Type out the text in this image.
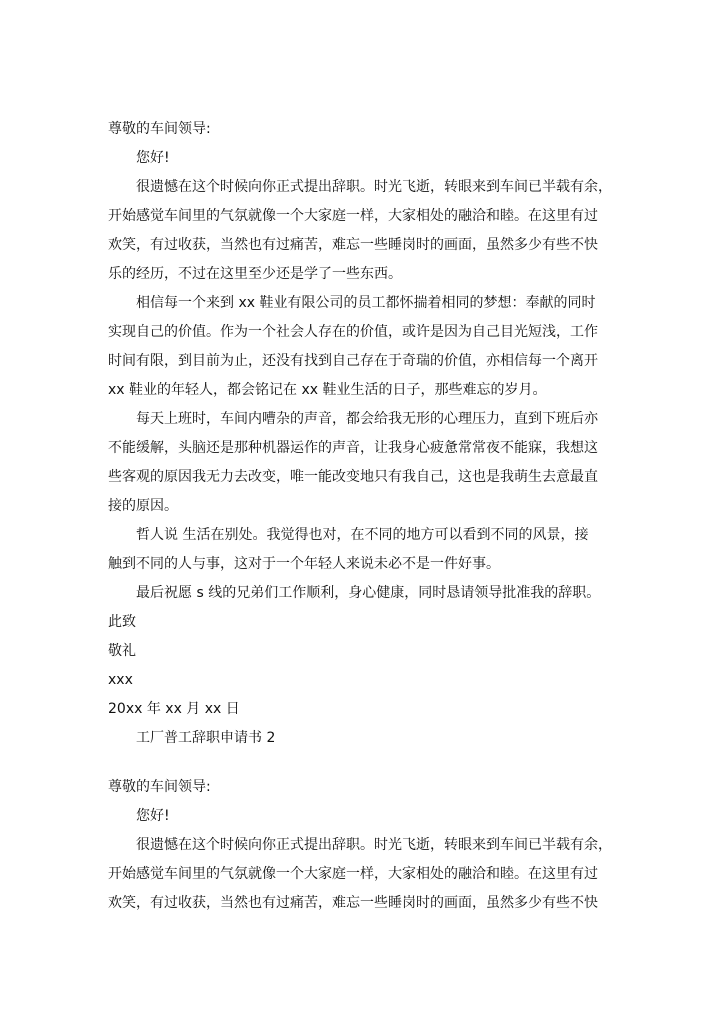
尊敬的车间领导:
您好!
很遗憾在这个时候向你正式提出辞职。时光飞逝，转眼来到车间已半载有余，
开始感觉车间里的气氛就像一个大家庭一样，大家相处的融洽和睦。在这里有过
欢笑，有过收获，当然也有过痛苦，难忘一些睡岗时的画面，虽然多少有些不快
乐的经历，不过在这里至少还是学了一些东西。
相信每一个来到 xx 鞋业有限公司的员工都怀揣着相同的梦想：奉献的同时
实现自己的价值。作为一个社会人存在的价值，或许是因为自己目光短浅，工作
时间有限，到目前为止，还没有找到自己存在于奇瑞的价值，亦相信每一个离开
xx 鞋业的年轻人，都会铭记在 xx 鞋业生活的日子，那些难忘的岁月。
每天上班时，车间内嘈杂的声音，都会给我无形的心理压力，直到下班后亦
不能缓解，头脑还是那种机器运作的声音，让我身心疲惫常常夜不能寐，我想这
些客观的原因我无力去改变，唯一能改变地只有我自己，这也是我萌生去意最直
接的原因。
哲人说 生活在别处。我觉得也对，在不同的地方可以看到不同的风景，接
触到不同的人与事，这对于一个年轻人来说未必不是一件好事。
最后祝愿 s 线的兄弟们工作顺利，身心健康，同时恳请领导批准我的辞职。
此致
敬礼
xxx
20xx 年 xx 月 xx 日
工厂普工辞职申请书 2
尊敬的车间领导:
您好!
很遗憾在这个时候向你正式提出辞职。时光飞逝，转眼来到车间已半载有余，
开始感觉车间里的气氛就像一个大家庭一样，大家相处的融洽和睦。在这里有过
欢笑，有过收获，当然也有过痛苦，难忘一些睡岗时的画面，虽然多少有些不快
